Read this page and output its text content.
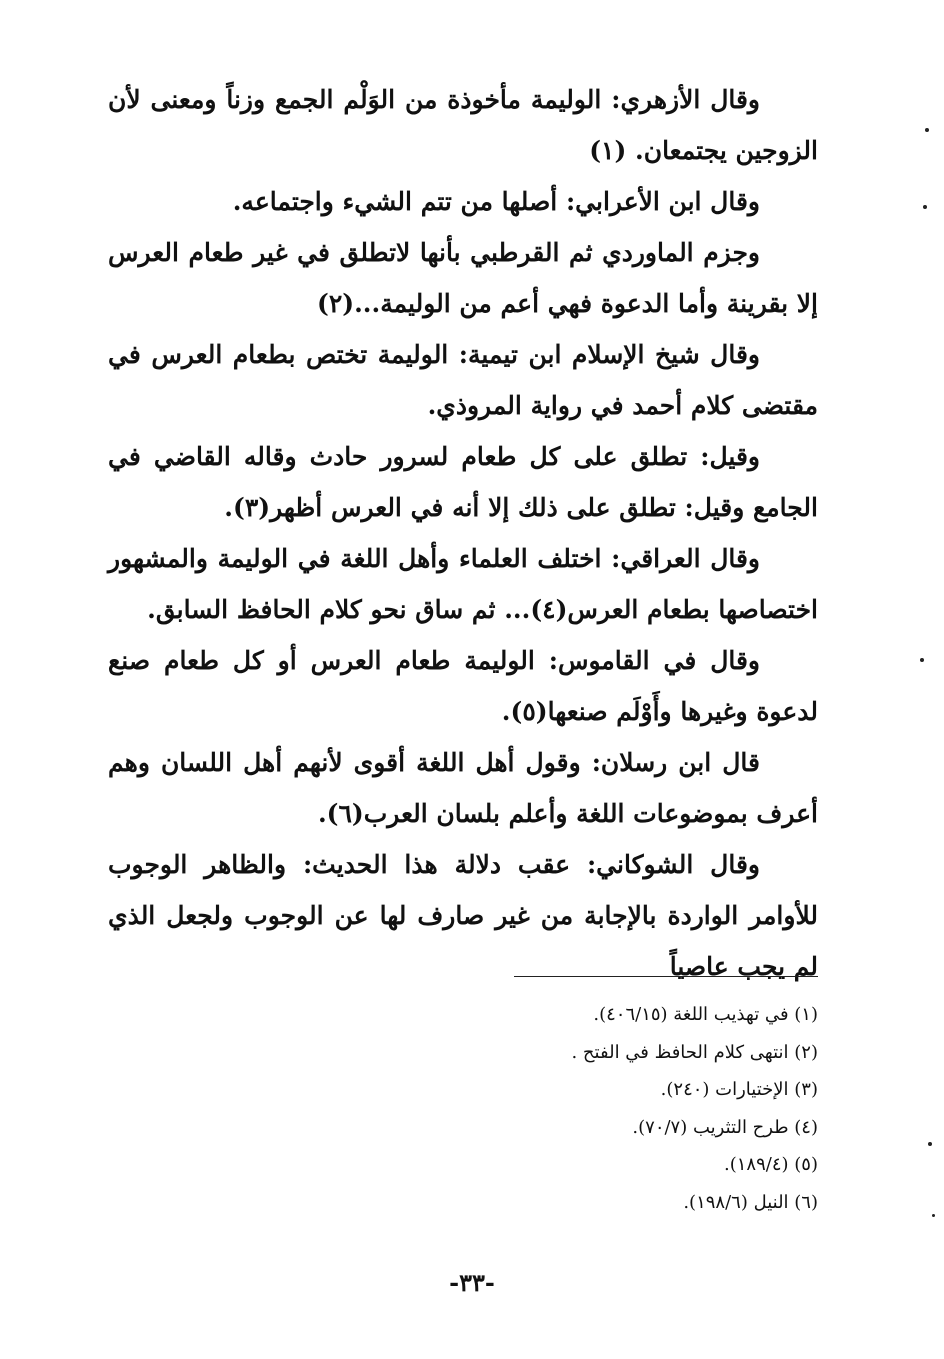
وقال الأزهري: الوليمة مأخوذة من الوَلْم الجمع وزناً ومعنى لأن الزوجين يجتمعان. (١)

وقال ابن الأعرابي: أصلها من تتم الشيء واجتماعه.

وجزم الماوردي ثم القرطبي بأنها لاتطلق في غير طعام العرس إلا بقرينة وأما الدعوة فهي أعم من الوليمة...(٢)

وقال شيخ الإسلام ابن تيمية: الوليمة تختص بطعام العرس في مقتضى كلام أحمد في رواية المروذي.

وقيل: تطلق على كل طعام لسرور حادث وقاله القاضي في الجامع وقيل: تطلق على ذلك إلا أنه في العرس أظهر(٣).

وقال العراقي: اختلف العلماء وأهل اللغة في الوليمة والمشهور اختصاصها بطعام العرس(٤)... ثم ساق نحو كلام الحافظ السابق.

وقال في القاموس: الوليمة طعام العرس أو كل طعام صنع لدعوة وغيرها وأَوْلَم صنعها(٥).

قال ابن رسلان: وقول أهل اللغة أقوى لأنهم أهل اللسان وهم أعرف بموضوعات اللغة وأعلم بلسان العرب(٦).

وقال الشوكاني: عقب دلالة هذا الحديث: والظاهر الوجوب للأوامر الواردة بالإجابة من غير صارف لها عن الوجوب ولجعل الذي لم يجب عاصياً

(١) في تهذيب اللغة (٤٠٦/١٥).
(٢) انتهى كلام الحافظ في الفتح .
(٣) الإختيارات (٢٤٠).
(٤) طرح التثريب (٧٠/٧).
(٥) (١٨٩/٤).
(٦) النيل (١٩٨/٦).
-٣٣-
